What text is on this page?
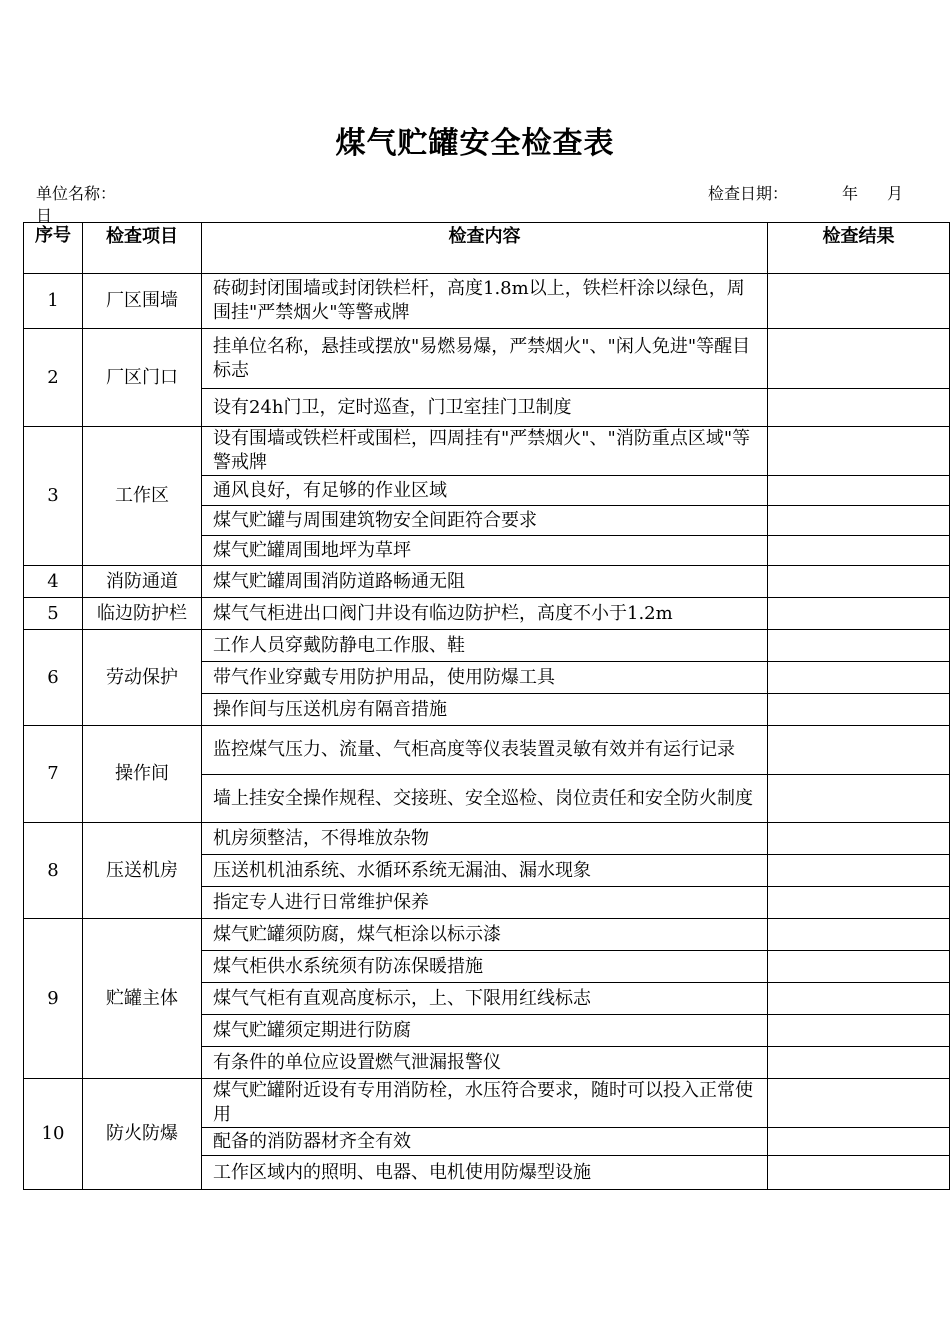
煤气贮罐安全检查表
单位名称：	检查日期：	年 月
日
序号	检查项目	检查内容	检查结果
1	厂区围墙	砖砌封闭围墙或封闭铁栏杆，高度1.8m以上，铁栏杆涂以绿色，周围挂"严禁烟火"等警戒牌	
2	厂区门口	挂单位名称，悬挂或摆放"易燃易爆，严禁烟火"、"闲人免进"等醒目标志	
		设有24h门卫，定时巡查，门卫室挂门卫制度	
3	工作区	设有围墙或铁栏杆或围栏，四周挂有"严禁烟火"、"消防重点区域"等警戒牌	
		通风良好，有足够的作业区域	
		煤气贮罐与周围建筑物安全间距符合要求	
		煤气贮罐周围地坪为草坪	
4	消防通道	煤气贮罐周围消防道路畅通无阻	
5	临边防护栏	煤气气柜进出口阀门井设有临边防护栏，高度不小于1.2m	
6	劳动保护	工作人员穿戴防静电工作服、鞋	
		带气作业穿戴专用防护用品，使用防爆工具	
		操作间与压送机房有隔音措施	
7	操作间	监控煤气压力、流量、气柜高度等仪表装置灵敏有效并有运行记录	
		墙上挂安全操作规程、交接班、安全巡检、岗位责任和安全防火制度	
8	压送机房	机房须整洁，不得堆放杂物	
		压送机机油系统、水循环系统无漏油、漏水现象	
		指定专人进行日常维护保养	
9	贮罐主体	煤气贮罐须防腐，煤气柜涂以标示漆	
		煤气柜供水系统须有防冻保暖措施	
		煤气气柜有直观高度标示，上、下限用红线标志	
		煤气贮罐须定期进行防腐	
		有条件的单位应设置燃气泄漏报警仪	
10	防火防爆	煤气贮罐附近设有专用消防栓，水压符合要求，随时可以投入正常使用	
		配备的消防器材齐全有效	
		工作区域内的照明、电器、电机使用防爆型设施	
